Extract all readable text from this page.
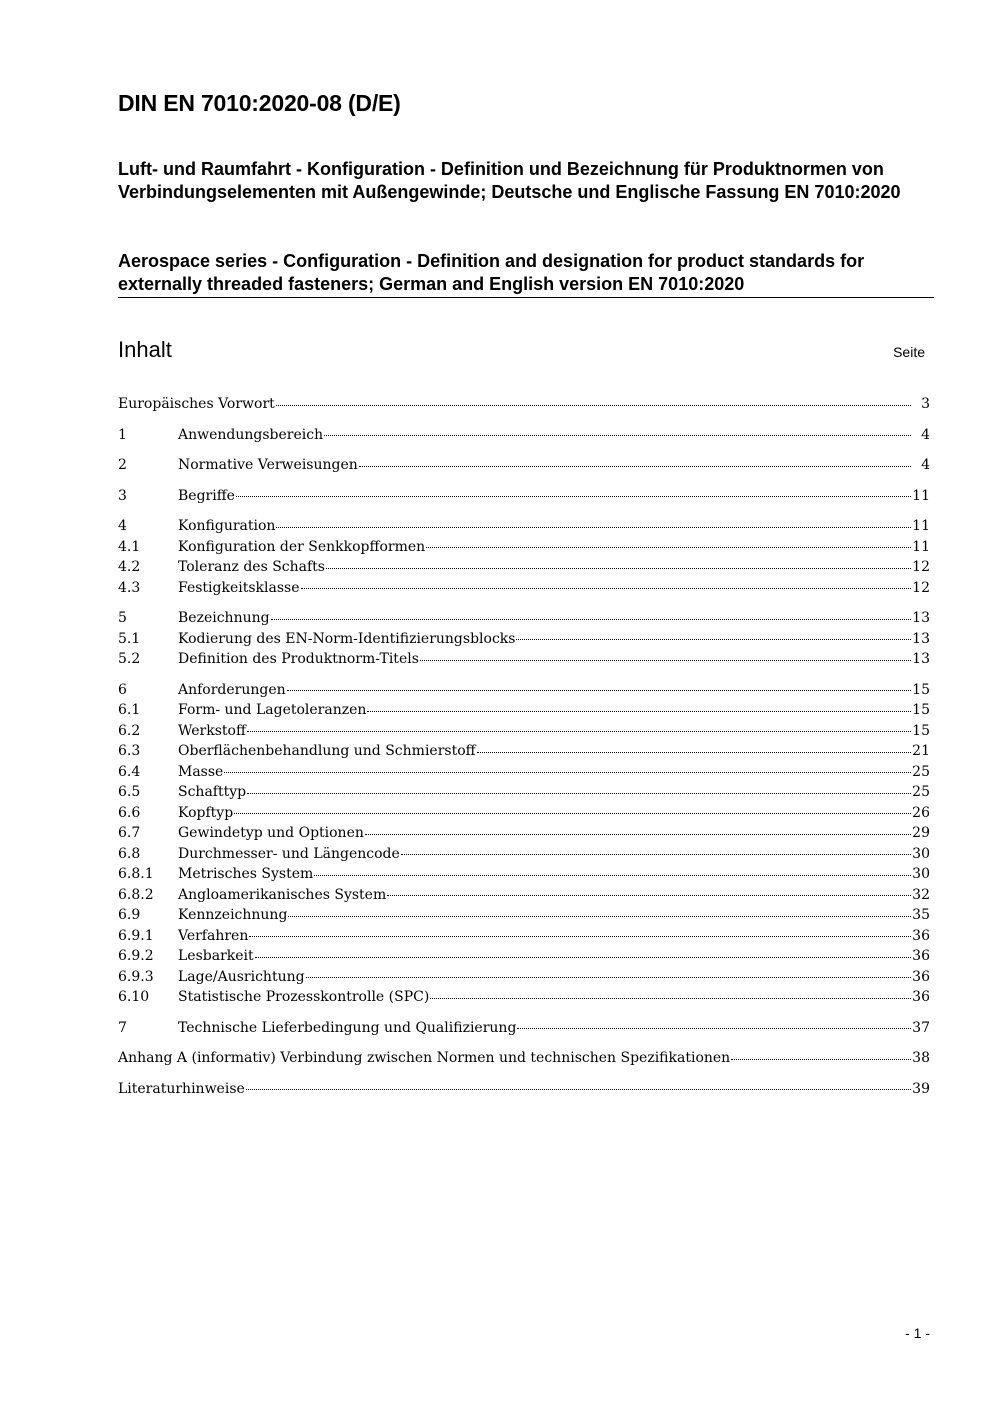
DIN EN 7010:2020-08 (D/E)
Luft- und Raumfahrt - Konfiguration - Definition und Bezeichnung für Produktnormen von Verbindungselementen mit Außengewinde; Deutsche und Englische Fassung EN 7010:2020
Aerospace series - Configuration - Definition and designation for product standards for externally threaded fasteners; German and English version EN 7010:2020
Inhalt	Seite
Europäisches Vorwort	3
1	Anwendungsbereich	4
2	Normative Verweisungen	4
3	Begriffe	11
4	Konfiguration	11
4.1	Konfiguration der Senkkopfformen	11
4.2	Toleranz des Schafts	12
4.3	Festigkeitsklasse	12
5	Bezeichnung	13
5.1	Kodierung des EN-Norm-Identifizierungsblocks	13
5.2	Definition des Produktnorm-Titels	13
6	Anforderungen	15
6.1	Form- und Lagetoleranzen	15
6.2	Werkstoff	15
6.3	Oberflächenbehandlung und Schmierstoff	21
6.4	Masse	25
6.5	Schafttyp	25
6.6	Kopftyp	26
6.7	Gewindetyp und Optionen	29
6.8	Durchmesser- und Längencode	30
6.8.1	Metrisches System	30
6.8.2	Angloamerikanisches System	32
6.9	Kennzeichnung	35
6.9.1	Verfahren	36
6.9.2	Lesbarkeit	36
6.9.3	Lage/Ausrichtung	36
6.10	Statistische Prozesskontrolle (SPC)	36
7	Technische Lieferbedingung und Qualifizierung	37
Anhang A (informativ) Verbindung zwischen Normen und technischen Spezifikationen	38
Literaturhinweise	39
- 1 -
